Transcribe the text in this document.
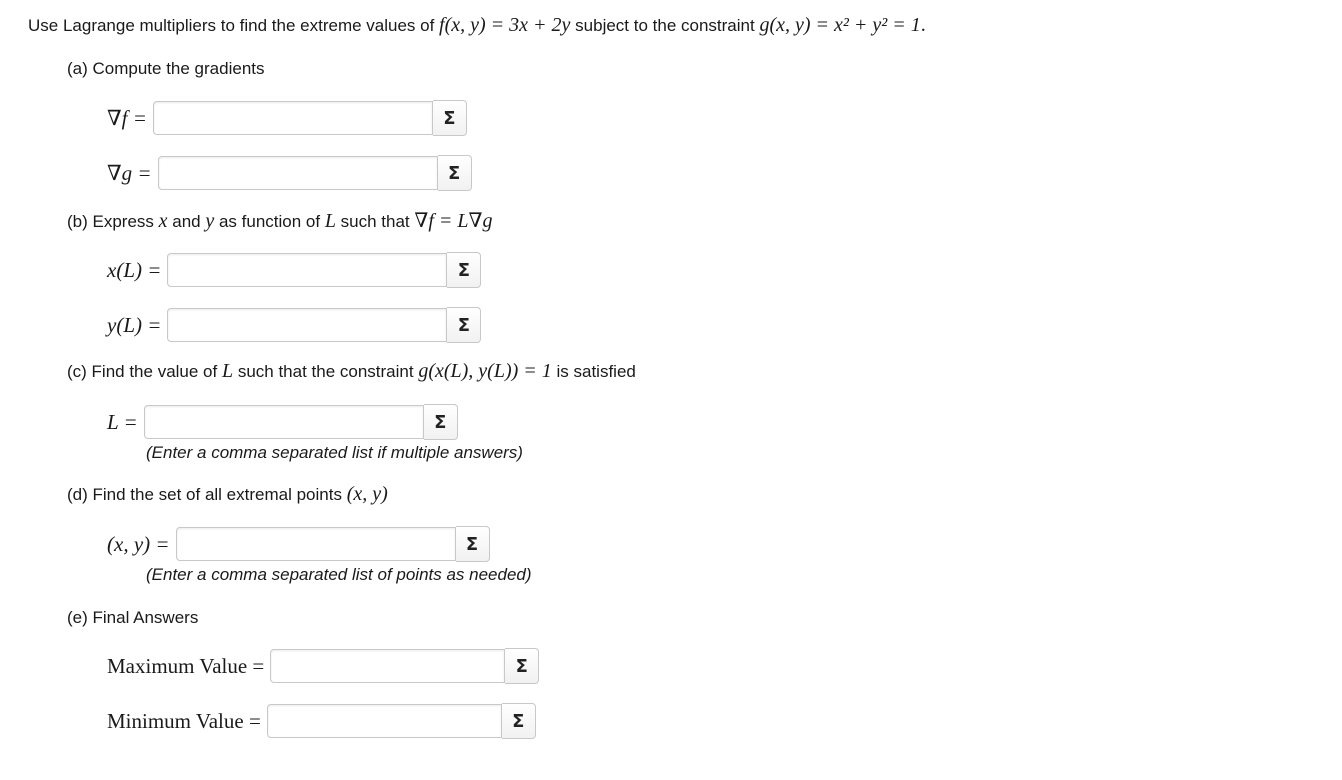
Use Lagrange multipliers to find the extreme values of f(x, y) = 3x + 2y subject to the constraint g(x, y) = x² + y² = 1.
(a) Compute the gradients
∇f =	Σ
∇g =	Σ
(b) Express x and y as function of L such that ∇f = L∇g
x(L) =	Σ
y(L) =	Σ
(c) Find the value of L such that the constraint g(x(L), y(L)) = 1 is satisfied
L =	Σ
(Enter a comma separated list if multiple answers)
(d) Find the set of all extremal points (x, y)
(x, y) =	Σ
(Enter a comma separated list of points as needed)
(e) Final Answers
Maximum Value =	Σ
Minimum Value =	Σ
